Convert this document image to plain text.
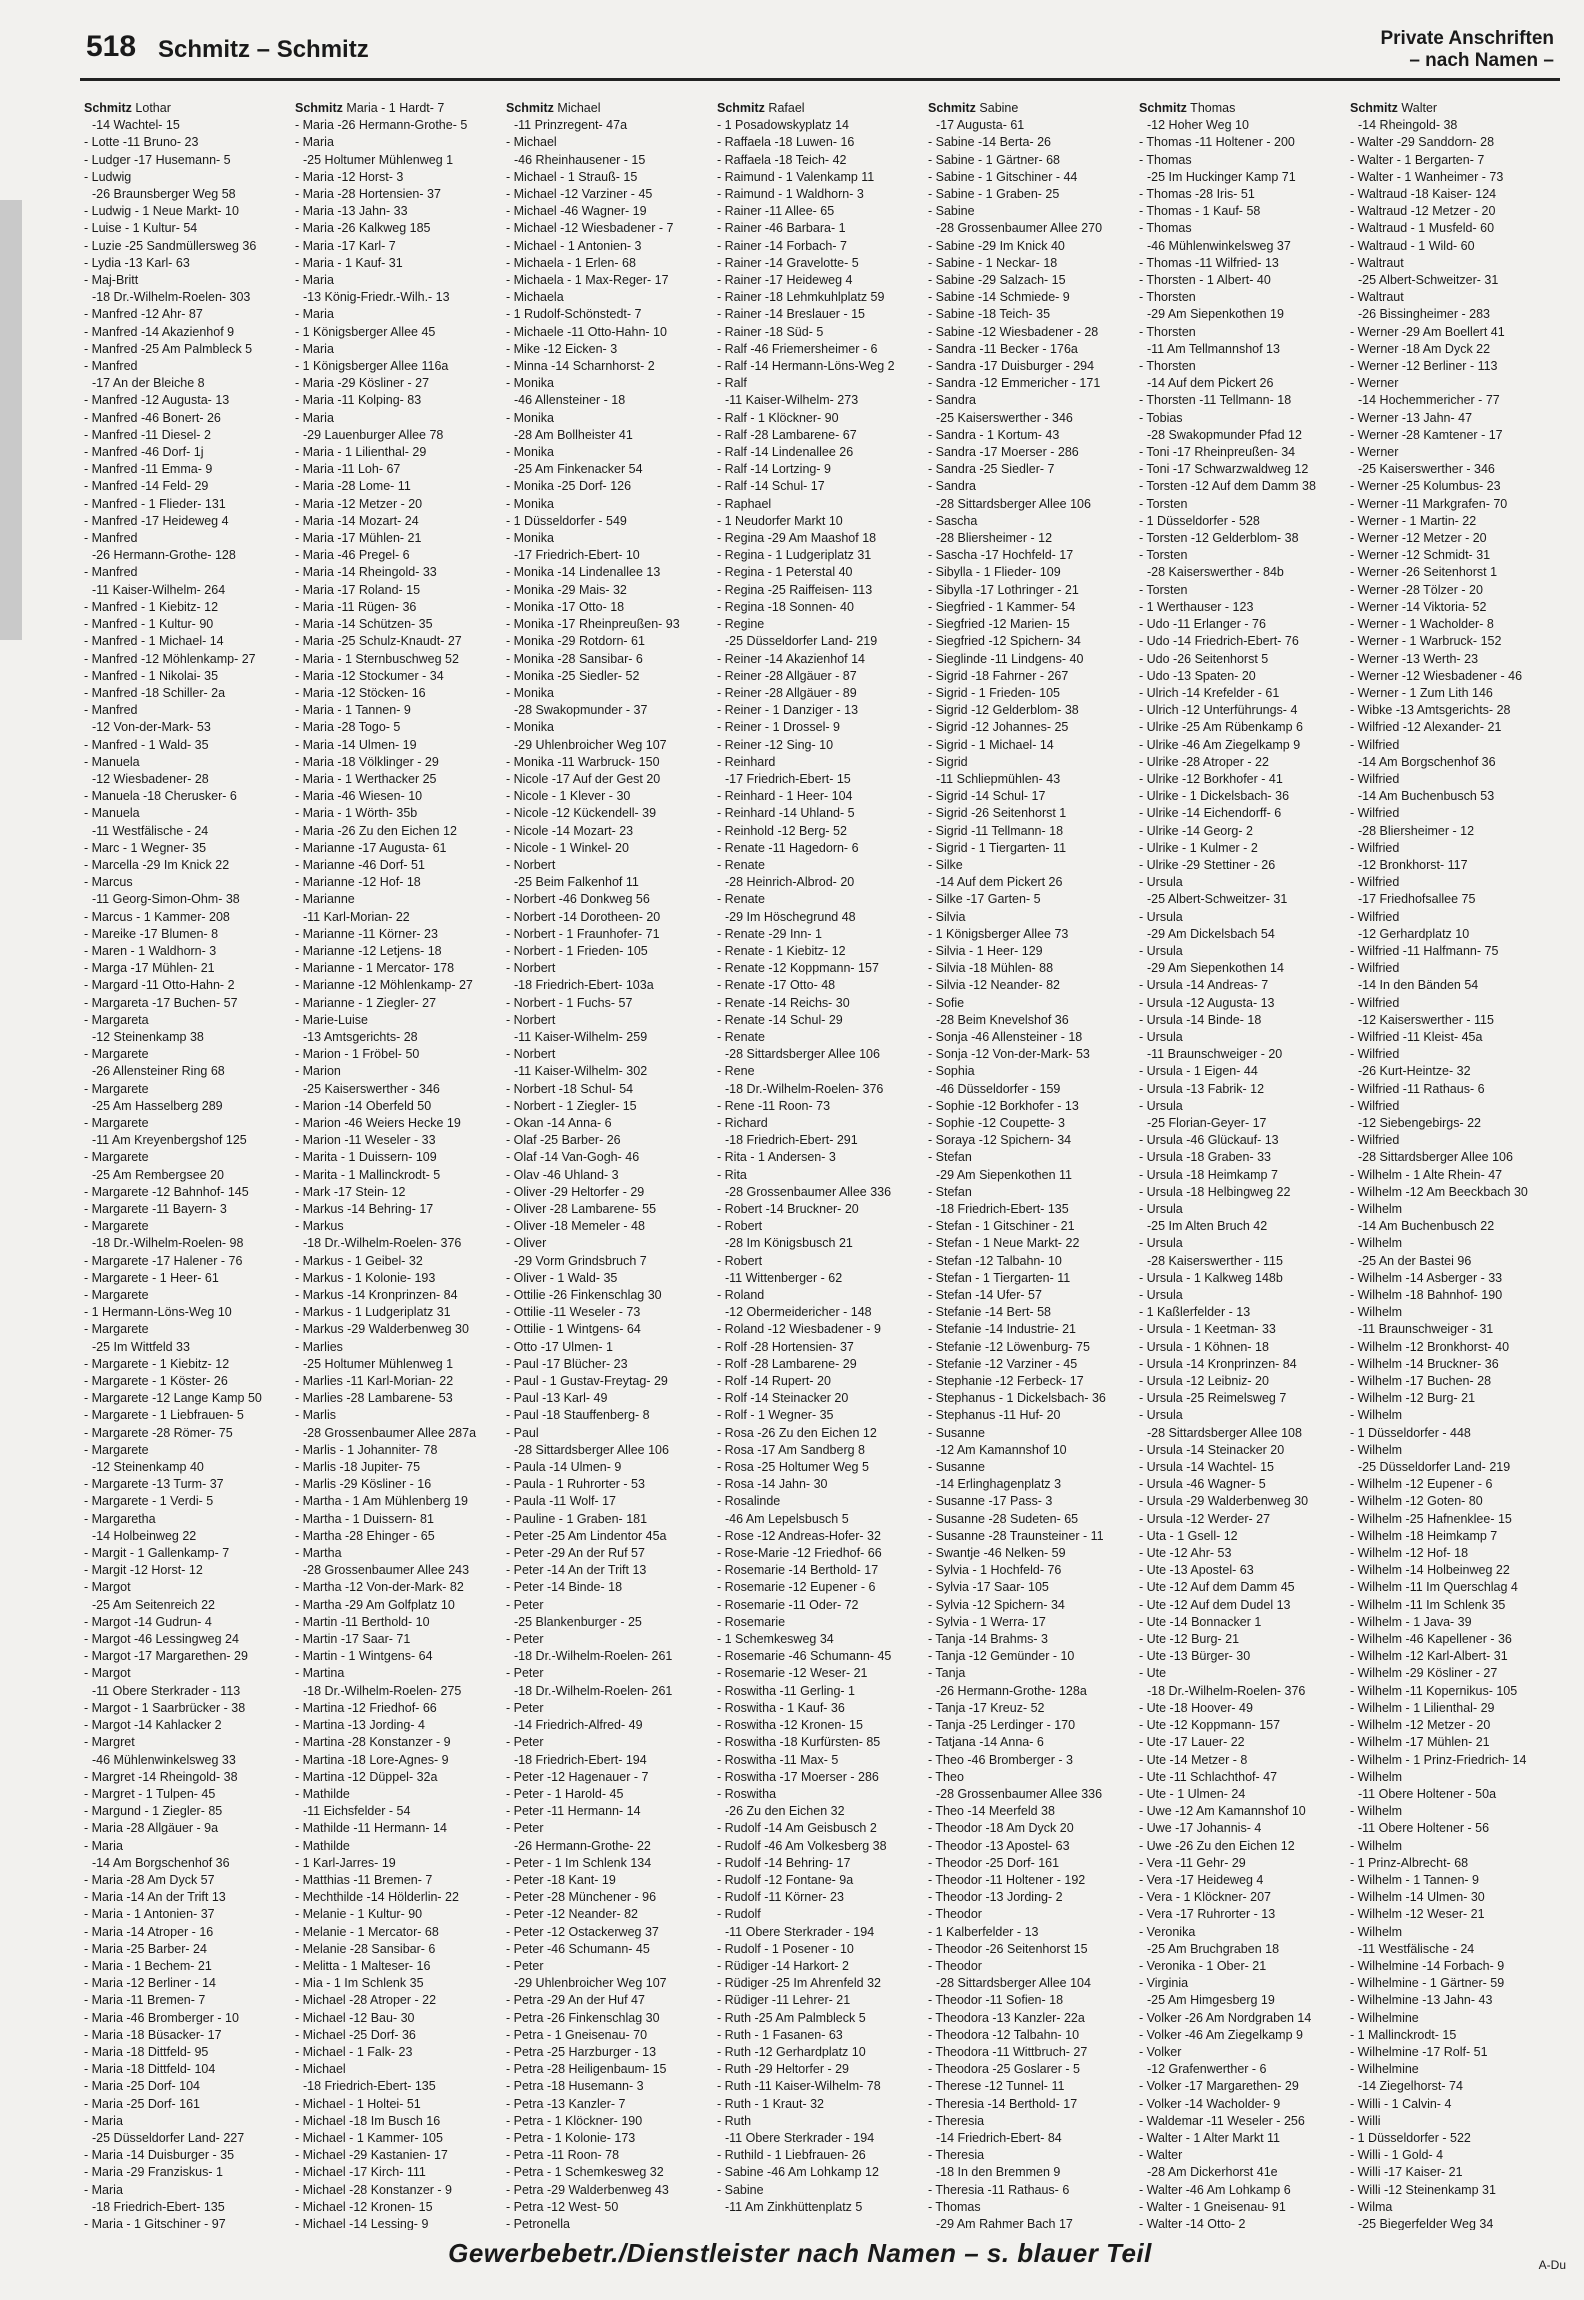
518 Schmitz – Schmitz	Private Anschriften
– nach Namen –
Schmitz Lothar
-14 Wachtel- 15
- Lotte -11 Bruno- 23
- Ludger -17 Husemann- 5
- Ludwig
-26 Braunsberger Weg 58
- Ludwig - 1 Neue Markt- 10
- Luise - 1 Kultur- 54
- Luzie -25 Sandmüllersweg 36
- Lydia -13 Karl- 63
- Maj-Britt
-18 Dr.-Wilhelm-Roelen- 303
- Manfred -12 Ahr- 87
- Manfred -14 Akazienhof 9
- Manfred -25 Am Palmbleck 5
- Manfred
-17 An der Bleiche 8
- Manfred -12 Augusta- 13
- Manfred -46 Bonert- 26
- Manfred -11 Diesel- 2
- Manfred -46 Dorf- 1j
- Manfred -11 Emma- 9
- Manfred -14 Feld- 29
- Manfred - 1 Flieder- 131
- Manfred -17 Heideweg 4
- Manfred
-26 Hermann-Grothe- 128
- Manfred
-11 Kaiser-Wilhelm- 264
- Manfred - 1 Kiebitz- 12
- Manfred - 1 Kultur- 90
- Manfred - 1 Michael- 14
- Manfred -12 Möhlenkamp- 27
- Manfred - 1 Nikolai- 35
- Manfred -18 Schiller- 2a
- Manfred
-12 Von-der-Mark- 53
- Manfred - 1 Wald- 35
- Manuela
-12 Wiesbadener- 28
- Manuela -18 Cherusker- 6
- Manuela
-11 Westfälische - 24
- Marc - 1 Wegner- 35
- Marcella -29 Im Knick 22
- Marcus
-11 Georg-Simon-Ohm- 38
- Marcus - 1 Kammer- 208
- Mareike -17 Blumen- 8
- Maren - 1 Waldhorn- 3
- Marga -17 Mühlen- 21
- Margard -11 Otto-Hahn- 2
- Margareta -17 Buchen- 57
- Margareta
-12 Steinenkamp 38
- Margarete
-26 Allensteiner Ring 68
- Margarete
-25 Am Hasselberg 289
- Margarete
-11 Am Kreyenbergshof 125
- Margarete
-25 Am Rembergsee 20
- Margarete -12 Bahnhof- 145
- Margarete -11 Bayern- 3
- Margarete
-18 Dr.-Wilhelm-Roelen- 98
- Margarete -17 Halener - 76
- Margarete - 1 Heer- 61
- Margarete
- 1 Hermann-Löns-Weg 10
- Margarete
-25 Im Wittfeld 33
- Margarete - 1 Kiebitz- 12
- Margarete - 1 Köster- 26
- Margarete -12 Lange Kamp 50
- Margarete - 1 Liebfrauen- 5
- Margarete -28 Römer- 75
- Margarete
-12 Steinenkamp 40
- Margarete -13 Turm- 37
- Margarete - 1 Verdi- 5
- Margaretha
-14 Holbeinweg 22
- Margit - 1 Gallenkamp- 7
- Margit -12 Horst- 12
- Margot
-25 Am Seitenreich 22
- Margot -14 Gudrun- 4
- Margot -46 Lessingweg 24
- Margot -17 Margarethen- 29
- Margot
-11 Obere Sterkrader - 113
- Margot - 1 Saarbrücker - 38
- Margot -14 Kahlacker 2
- Margret
-46 Mühlenwinkelsweg 33
- Margret -14 Rheingold- 38
- Margret - 1 Tulpen- 45
- Margund - 1 Ziegler- 85
- Maria -28 Allgäuer - 9a
- Maria
-14 Am Borgschenhof 36
- Maria -28 Am Dyck 57
- Maria -14 An der Trift 13
- Maria - 1 Antonien- 37
- Maria -14 Atroper - 16
- Maria -25 Barber- 24
- Maria - 1 Bechem- 21
- Maria -12 Berliner - 14
- Maria -11 Bremen- 7
- Maria -46 Bromberger - 10
- Maria -18 Büsacker- 17
- Maria -18 Dittfeld- 95
- Maria -18 Dittfeld- 104
- Maria -25 Dorf- 104
- Maria -25 Dorf- 161
- Maria
-25 Düsseldorfer Land- 227
- Maria -14 Duisburger - 35
- Maria -29 Franziskus- 1
- Maria
-18 Friedrich-Ebert- 135
- Maria - 1 Gitschiner - 97
Schmitz Maria - 1 Hardt- 7
- Maria -26 Hermann-Grothe- 5
- Maria
-25 Holtumer Mühlenweg 1
- Maria -12 Horst- 3
- Maria -28 Hortensien- 37
- Maria -13 Jahn- 33
- Maria -26 Kalkweg 185
- Maria -17 Karl- 7
- Maria - 1 Kauf- 31
- Maria
-13 König-Friedr.-Wilh.- 13
- Maria
- 1 Königsberger Allee 45
- Maria
- 1 Königsberger Allee 116a
- Maria -29 Kösliner - 27
- Maria -11 Kolping- 83
- Maria
-29 Lauenburger Allee 78
- Maria - 1 Lilienthal- 29
- Maria -11 Loh- 67
- Maria -28 Lome- 11
- Maria -12 Metzer - 20
- Maria -14 Mozart- 24
- Maria -17 Mühlen- 21
- Maria -46 Pregel- 6
- Maria -14 Rheingold- 33
- Maria -17 Roland- 15
- Maria -11 Rügen- 36
- Maria -14 Schützen- 35
- Maria -25 Schulz-Knaudt- 27
- Maria - 1 Sternbuschweg 52
- Maria -12 Stockumer - 34
- Maria -12 Stöcken- 16
- Maria - 1 Tannen- 9
- Maria -28 Togo- 5
- Maria -14 Ulmen- 19
- Maria -18 Völklinger - 29
- Maria - 1 Werthacker 25
- Maria -46 Wiesen- 10
- Maria - 1 Wörth- 35b
- Maria -26 Zu den Eichen 12
- Marianne -17 Augusta- 61
- Marianne -46 Dorf- 51
- Marianne -12 Hof- 18
- Marianne
-11 Karl-Morian- 22
- Marianne -11 Körner- 23
- Marianne -12 Letjens- 18
- Marianne - 1 Mercator- 178
- Marianne -12 Möhlenkamp- 27
- Marianne - 1 Ziegler- 27
- Marie-Luise
-13 Amtsgerichts- 28
- Marion - 1 Fröbel- 50
- Marion
-25 Kaiserswerther - 346
- Marion -14 Oberfeld 50
- Marion -46 Weiers Hecke 19
- Marion -11 Weseler - 33
- Marita - 1 Duissern- 109
- Marita - 1 Mallinckrodt- 5
- Mark -17 Stein- 12
- Markus -14 Behring- 17
- Markus
-18 Dr.-Wilhelm-Roelen- 376
- Markus - 1 Geibel- 32
- Markus - 1 Kolonie- 193
- Markus -14 Kronprinzen- 84
- Markus - 1 Ludgeriplatz 31
- Markus -29 Walderbenweg 30
- Marlies
-25 Holtumer Mühlenweg 1
- Marlies -11 Karl-Morian- 22
- Marlies -28 Lambarene- 53
- Marlis
-28 Grossenbaumer Allee 287a
- Marlis - 1 Johanniter- 78
- Marlis -18 Jupiter- 75
- Marlis -29 Kösliner - 16
- Martha - 1 Am Mühlenberg 19
- Martha - 1 Duissern- 81
- Martha -28 Ehinger - 65
- Martha
-28 Grossenbaumer Allee 243
- Martha -12 Von-der-Mark- 82
- Martha -29 Am Golfplatz 10
- Martin -11 Berthold- 10
- Martin -17 Saar- 71
- Martin - 1 Wintgens- 64
- Martina
-18 Dr.-Wilhelm-Roelen- 275
- Martina -12 Friedhof- 66
- Martina -13 Jording- 4
- Martina -28 Konstanzer - 9
- Martina -18 Lore-Agnes- 9
- Martina -12 Düppel- 32a
- Mathilde
-11 Eichsfelder - 54
- Mathilde -11 Hermann- 14
- Mathilde
- 1 Karl-Jarres- 19
- Matthias -11 Bremen- 7
- Mechthilde -14 Hölderlin- 22
- Melanie - 1 Kultur- 90
- Melanie - 1 Mercator- 68
- Melanie -28 Sansibar- 6
- Melitta - 1 Malteser- 16
- Mia - 1 Im Schlenk 35
- Michael -28 Atroper - 22
- Michael -12 Bau- 30
- Michael -25 Dorf- 36
- Michael - 1 Falk- 23
- Michael
-18 Friedrich-Ebert- 135
- Michael - 1 Holtei- 51
- Michael -18 Im Busch 16
- Michael - 1 Kammer- 105
- Michael -29 Kastanien- 17
- Michael -17 Kirch- 111
- Michael -28 Konstanzer - 9
- Michael -12 Kronen- 15
- Michael -14 Lessing- 9
Schmitz Michael
-11 Prinzregent- 47a
- Michael
-46 Rheinhausener - 15
- Michael - 1 Strauß- 15
- Michael -12 Varziner - 45
- Michael -46 Wagner- 19
- Michael -12 Wiesbadener - 7
- Michael - 1 Antonien- 3
- Michaela - 1 Erlen- 68
- Michaela - 1 Max-Reger- 17
- Michaela
- 1 Rudolf-Schönstedt- 7
- Michaele -11 Otto-Hahn- 10
- Mike -12 Eicken- 3
- Minna -14 Scharnhorst- 2
- Monika
-46 Allensteiner - 18
- Monika
-28 Am Bollheister 41
- Monika
-25 Am Finkenacker 54
- Monika -25 Dorf- 126
- Monika
- 1 Düsseldorfer - 549
- Monika
-17 Friedrich-Ebert- 10
- Monika -14 Lindenallee 13
- Monika -29 Mais- 32
- Monika -17 Otto- 18
- Monika -17 Rheinpreußen- 93
- Monika -29 Rotdorn- 61
- Monika -28 Sansibar- 6
- Monika -25 Siedler- 52
- Monika
-28 Swakopmunder - 37
- Monika
-29 Uhlenbroicher Weg 107
- Monika -11 Warbruck- 150
- Nicole -17 Auf der Gest 20
- Nicole - 1 Klever - 30
- Nicole -12 Kückendell- 39
- Nicole -14 Mozart- 23
- Nicole - 1 Winkel- 20
- Norbert
-25 Beim Falkenhof 11
- Norbert -46 Donkweg 56
- Norbert -14 Dorotheen- 20
- Norbert - 1 Fraunhofer- 71
- Norbert - 1 Frieden- 105
- Norbert
-18 Friedrich-Ebert- 103a
- Norbert - 1 Fuchs- 57
- Norbert
-11 Kaiser-Wilhelm- 259
- Norbert
-11 Kaiser-Wilhelm- 302
- Norbert -18 Schul- 54
- Norbert - 1 Ziegler- 15
- Okan -14 Anna- 6
- Olaf -25 Barber- 26
- Olaf -14 Van-Gogh- 46
- Olav -46 Uhland- 3
- Oliver -29 Heltorfer - 29
- Oliver -28 Lambarene- 55
- Oliver -18 Memeler - 48
- Oliver
-29 Vorm Grindsbruch 7
- Oliver - 1 Wald- 35
- Ottilie -26 Finkenschlag 30
- Ottilie -11 Weseler - 73
- Ottilie - 1 Wintgens- 64
- Otto -17 Ulmen- 1
- Paul -17 Blücher- 23
- Paul - 1 Gustav-Freytag- 29
- Paul -13 Karl- 49
- Paul -18 Stauffenberg- 8
- Paul
-28 Sittardsberger Allee 106
- Paula -14 Ulmen- 9
- Paula - 1 Ruhrorter - 53
- Paula -11 Wolf- 17
- Pauline - 1 Graben- 181
- Peter -25 Am Lindentor 45a
- Peter -29 An der Ruf 57
- Peter -14 An der Trift 13
- Peter -14 Binde- 18
- Peter
-25 Blankenburger - 25
- Peter
-18 Dr.-Wilhelm-Roelen- 261
- Peter
-18 Dr.-Wilhelm-Roelen- 261
- Peter
-14 Friedrich-Alfred- 49
- Peter
-18 Friedrich-Ebert- 194
- Peter -12 Hagenauer - 7
- Peter - 1 Harold- 45
- Peter -11 Hermann- 14
- Peter
-26 Hermann-Grothe- 22
- Peter - 1 Im Schlenk 134
- Peter -18 Kant- 19
- Peter -28 Münchener - 96
- Peter -12 Neander- 82
- Peter -12 Ostackerweg 37
- Peter -46 Schumann- 45
- Peter
-29 Uhlenbroicher Weg 107
- Petra -29 An der Huf 47
- Petra -26 Finkenschlag 30
- Petra - 1 Gneisenau- 70
- Petra -25 Harzburger - 13
- Petra -28 Heiligenbaum- 15
- Petra -18 Husemann- 3
- Petra -13 Kanzler- 7
- Petra - 1 Klöckner- 190
- Petra - 1 Kolonie- 173
- Petra -11 Roon- 78
- Petra - 1 Schemkesweg 32
- Petra -29 Walderbenweg 43
- Petra -12 West- 50
- Petronella
Schmitz Rafael
- 1 Posadowskyplatz 14
- Raffaela -18 Luwen- 16
- Raffaela -18 Teich- 42
- Raimund - 1 Valenkamp 11
- Raimund - 1 Waldhorn- 3
- Rainer -11 Allee- 65
- Rainer -46 Barbara- 1
- Rainer -14 Forbach- 7
- Rainer -14 Gravelotte- 5
- Rainer -17 Heideweg 4
- Rainer -18 Lehmkuhlplatz 59
- Rainer -14 Breslauer - 15
- Rainer -18 Süd- 5
- Ralf -46 Friemersheimer - 6
- Ralf -14 Hermann-Löns-Weg 2
- Ralf
-11 Kaiser-Wilhelm- 273
- Ralf - 1 Klöckner- 90
- Ralf -28 Lambarene- 67
- Ralf -14 Lindenallee 26
- Ralf -14 Lortzing- 9
- Ralf -14 Schul- 17
- Raphael
- 1 Neudorfer Markt 10
- Regina -29 Am Maashof 18
- Regina - 1 Ludgeriplatz 31
- Regina - 1 Peterstal 40
- Regina -25 Raiffeisen- 113
- Regina -18 Sonnen- 40
- Regine
-25 Düsseldorfer Land- 219
- Reiner -14 Akazienhof 14
- Reiner -28 Allgäuer - 87
- Reiner -28 Allgäuer - 89
- Reiner - 1 Danziger - 13
- Reiner - 1 Drossel- 9
- Reiner -12 Sing- 10
- Reinhard
-17 Friedrich-Ebert- 15
- Reinhard - 1 Heer- 104
- Reinhard -14 Uhland- 5
- Reinhold -12 Berg- 52
- Renate -11 Hagedorn- 6
- Renate
-28 Heinrich-Albrod- 20
- Renate
-29 Im Höschegrund 48
- Renate -29 Inn- 1
- Renate - 1 Kiebitz- 12
- Renate -12 Koppmann- 157
- Renate -17 Otto- 48
- Renate -14 Reichs- 30
- Renate -14 Schul- 29
- Renate
-28 Sittardsberger Allee 106
- Rene
-18 Dr.-Wilhelm-Roelen- 376
- Rene -11 Roon- 73
- Richard
-18 Friedrich-Ebert- 291
- Rita - 1 Andersen- 3
- Rita
-28 Grossenbaumer Allee 336
- Robert -14 Bruckner- 20
- Robert
-28 Im Königsbusch 21
- Robert
-11 Wittenberger - 62
- Roland
-12 Obermeidericher - 148
- Roland -12 Wiesbadener - 9
- Rolf -28 Hortensien- 37
- Rolf -28 Lambarene- 29
- Rolf -14 Rupert- 20
- Rolf -14 Steinacker 20
- Rolf - 1 Wegner- 35
- Rosa -26 Zu den Eichen 12
- Rosa -17 Am Sandberg 8
- Rosa -25 Holtumer Weg 5
- Rosa -14 Jahn- 30
- Rosalinde
-46 Am Lepelsbusch 5
- Rose -12 Andreas-Hofer- 32
- Rose-Marie -12 Friedhof- 66
- Rosemarie -14 Berthold- 17
- Rosemarie -12 Eupener - 6
- Rosemarie -11 Oder- 72
- Rosemarie
- 1 Schemkesweg 34
- Rosemarie -46 Schumann- 45
- Rosemarie -12 Weser- 21
- Roswitha -11 Gerling- 1
- Roswitha - 1 Kauf- 36
- Roswitha -12 Kronen- 15
- Roswitha -18 Kurfürsten- 85
- Roswitha -11 Max- 5
- Roswitha -17 Moerser - 286
- Roswitha
-26 Zu den Eichen 32
- Rudolf -14 Am Geisbusch 2
- Rudolf -46 Am Volkesberg 38
- Rudolf -14 Behring- 17
- Rudolf -12 Fontane- 9a
- Rudolf -11 Körner- 23
- Rudolf
-11 Obere Sterkrader - 194
- Rudolf - 1 Posener - 10
- Rüdiger -14 Harkort- 2
- Rüdiger -25 Im Ahrenfeld 32
- Rüdiger -11 Lehrer- 21
- Ruth -25 Am Palmbleck 5
- Ruth - 1 Fasanen- 63
- Ruth -12 Gerhardplatz 10
- Ruth -29 Heltorfer - 29
- Ruth -11 Kaiser-Wilhelm- 78
- Ruth - 1 Kraut- 32
- Ruth
-11 Obere Sterkrader - 194
- Ruthild - 1 Liebfrauen- 26
- Sabine -46 Am Lohkamp 12
- Sabine
-11 Am Zinkhüttenplatz 5
Schmitz Sabine
-17 Augusta- 61
- Sabine -14 Berta- 26
- Sabine - 1 Gärtner- 68
- Sabine - 1 Gitschiner - 44
- Sabine - 1 Graben- 25
- Sabine
-28 Grossenbaumer Allee 270
- Sabine -29 Im Knick 40
- Sabine - 1 Neckar- 18
- Sabine -29 Salzach- 15
- Sabine -14 Schmiede- 9
- Sabine -18 Teich- 35
- Sabine -12 Wiesbadener - 28
- Sandra -11 Becker - 176a
- Sandra -17 Duisburger - 294
- Sandra -12 Emmericher - 171
- Sandra
-25 Kaiserswerther - 346
- Sandra - 1 Kortum- 43
- Sandra -17 Moerser - 286
- Sandra -25 Siedler- 7
- Sandra
-28 Sittardsberger Allee 106
- Sascha
-28 Bliersheimer - 12
- Sascha -17 Hochfeld- 17
- Sibylla - 1 Flieder- 109
- Sibylla -17 Lothringer - 21
- Siegfried - 1 Kammer- 54
- Siegfried -12 Marien- 15
- Siegfried -12 Spichern- 34
- Sieglinde -11 Lindgens- 40
- Sigrid -18 Fahrner - 267
- Sigrid - 1 Frieden- 105
- Sigrid -12 Gelderblom- 38
- Sigrid -12 Johannes- 25
- Sigrid - 1 Michael- 14
- Sigrid
-11 Schliepmühlen- 43
- Sigrid -14 Schul- 17
- Sigrid -26 Seitenhorst 1
- Sigrid -11 Tellmann- 18
- Sigrid - 1 Tiergarten- 11
- Silke
-14 Auf dem Pickert 26
- Silke -17 Garten- 5
- Silvia
- 1 Königsberger Allee 73
- Silvia - 1 Heer- 129
- Silvia -18 Mühlen- 88
- Silvia -12 Neander- 82
- Sofie
-28 Beim Knevelshof 36
- Sonja -46 Allensteiner - 18
- Sonja -12 Von-der-Mark- 53
- Sophia
-46 Düsseldorfer - 159
- Sophie -12 Borkhofer - 13
- Sophie -12 Coupette- 3
- Soraya -12 Spichern- 34
- Stefan
-29 Am Siepenkothen 11
- Stefan
-18 Friedrich-Ebert- 135
- Stefan - 1 Gitschiner - 21
- Stefan - 1 Neue Markt- 22
- Stefan -12 Talbahn- 10
- Stefan - 1 Tiergarten- 11
- Stefan -14 Ufer- 57
- Stefanie -14 Bert- 58
- Stefanie -14 Industrie- 21
- Stefanie -12 Löwenburg- 75
- Stefanie -12 Varziner - 45
- Stephanie -12 Ferbeck- 17
- Stephanus - 1 Dickelsbach- 36
- Stephanus -11 Huf- 20
- Susanne
-12 Am Kamannshof 10
- Susanne
-14 Erlinghagenplatz 3
- Susanne -17 Pass- 3
- Susanne -28 Sudeten- 65
- Susanne -28 Traunsteiner - 11
- Swantje -46 Nelken- 59
- Sylvia - 1 Hochfeld- 76
- Sylvia -17 Saar- 105
- Sylvia -12 Spichern- 34
- Sylvia - 1 Werra- 17
- Tanja -14 Brahms- 3
- Tanja -12 Gemünder - 10
- Tanja
-26 Hermann-Grothe- 128a
- Tanja -17 Kreuz- 52
- Tanja -25 Lerdinger - 170
- Tatjana -14 Anna- 6
- Theo -46 Bromberger - 3
- Theo
-28 Grossenbaumer Allee 336
- Theo -14 Meerfeld 38
- Theodor -18 Am Dyck 20
- Theodor -13 Apostel- 63
- Theodor -25 Dorf- 161
- Theodor -11 Holtener - 192
- Theodor -13 Jording- 2
- Theodor
- 1 Kalberfelder - 13
- Theodor -26 Seitenhorst 15
- Theodor
-28 Sittardsberger Allee 104
- Theodor -11 Sofien- 18
- Theodora -13 Kanzler- 22a
- Theodora -12 Talbahn- 10
- Theodora -11 Wittbruch- 27
- Theodora -25 Goslarer - 5
- Therese -12 Tunnel- 11
- Theresia -14 Berthold- 17
- Theresia
-14 Friedrich-Ebert- 84
- Theresia
-18 In den Bremmen 9
- Theresia -11 Rathaus- 6
- Thomas
-29 Am Rahmer Bach 17
Schmitz Thomas
-12 Hoher Weg 10
- Thomas -11 Holtener - 200
- Thomas
-25 Im Huckinger Kamp 71
- Thomas -28 Iris- 51
- Thomas - 1 Kauf- 58
- Thomas
-46 Mühlenwinkelsweg 37
- Thomas -11 Wilfried- 13
- Thorsten - 1 Albert- 40
- Thorsten
-29 Am Siepenkothen 19
- Thorsten
-11 Am Tellmannshof 13
- Thorsten
-14 Auf dem Pickert 26
- Thorsten -11 Tellmann- 18
- Tobias
-28 Swakopmunder Pfad 12
- Toni -17 Rheinpreußen- 34
- Toni -17 Schwarzwaldweg 12
- Torsten -12 Auf dem Damm 38
- Torsten
- 1 Düsseldorfer - 528
- Torsten -12 Gelderblom- 38
- Torsten
-28 Kaiserswerther - 84b
- Torsten
- 1 Werthauser - 123
- Udo -11 Erlanger - 76
- Udo -14 Friedrich-Ebert- 76
- Udo -26 Seitenhorst 5
- Udo -13 Spaten- 20
- Ulrich -14 Krefelder - 61
- Ulrich -12 Unterführungs- 4
- Ulrike -25 Am Rübenkamp 6
- Ulrike -46 Am Ziegelkamp 9
- Ulrike -28 Atroper - 22
- Ulrike -12 Borkhofer - 41
- Ulrike - 1 Dickelsbach- 36
- Ulrike -14 Eichendorff- 6
- Ulrike -14 Georg- 2
- Ulrike - 1 Kulmer - 2
- Ulrike -29 Stettiner - 26
- Ursula
-25 Albert-Schweitzer- 31
- Ursula
-29 Am Dickelsbach 54
- Ursula
-29 Am Siepenkothen 14
- Ursula -14 Andreas- 7
- Ursula -12 Augusta- 13
- Ursula -14 Binde- 18
- Ursula
-11 Braunschweiger - 20
- Ursula - 1 Eigen- 44
- Ursula -13 Fabrik- 12
- Ursula
-25 Florian-Geyer- 17
- Ursula -46 Glückauf- 13
- Ursula -18 Graben- 33
- Ursula -18 Heimkamp 7
- Ursula -18 Helbingweg 22
- Ursula
-25 Im Alten Bruch 42
- Ursula
-28 Kaiserswerther - 115
- Ursula - 1 Kalkweg 148b
- Ursula
- 1 Kaßlerfelder - 13
- Ursula - 1 Keetman- 33
- Ursula - 1 Köhnen- 18
- Ursula -14 Kronprinzen- 84
- Ursula -12 Leibniz- 20
- Ursula -25 Reimelsweg 7
- Ursula
-28 Sittardsberger Allee 108
- Ursula -14 Steinacker 20
- Ursula -14 Wachtel- 15
- Ursula -46 Wagner- 5
- Ursula -29 Walderbenweg 30
- Ursula -12 Werder- 27
- Uta - 1 Gsell- 12
- Ute -12 Ahr- 53
- Ute -13 Apostel- 63
- Ute -12 Auf dem Damm 45
- Ute -12 Auf dem Dudel 13
- Ute -14 Bonnacker 1
- Ute -12 Burg- 21
- Ute -13 Bürger- 30
- Ute
-18 Dr.-Wilhelm-Roelen- 376
- Ute -18 Hoover- 49
- Ute -12 Koppmann- 157
- Ute -17 Lauer- 22
- Ute -14 Metzer - 8
- Ute -11 Schlachthof- 47
- Ute - 1 Ulmen- 24
- Uwe -12 Am Kamannshof 10
- Uwe -17 Johannis- 4
- Uwe -26 Zu den Eichen 12
- Vera -11 Gehr- 29
- Vera -17 Heideweg 4
- Vera - 1 Klöckner- 207
- Vera -17 Ruhrorter - 13
- Veronika
-25 Am Bruchgraben 18
- Veronika - 1 Ober- 21
- Virginia
-25 Am Himgesberg 19
- Volker -26 Am Nordgraben 14
- Volker -46 Am Ziegelkamp 9
- Volker
-12 Grafenwerther - 6
- Volker -17 Margarethen- 29
- Volker -14 Wacholder- 9
- Waldemar -11 Weseler - 256
- Walter - 1 Alter Markt 11
- Walter
-28 Am Dickerhorst 41e
- Walter -46 Am Lohkamp 6
- Walter - 1 Gneisenau- 91
- Walter -14 Otto- 2
Schmitz Walter
-14 Rheingold- 38
- Walter -29 Sanddorn- 28
- Walter - 1 Bergarten- 7
- Walter - 1 Wanheimer - 73
- Waltraud -18 Kaiser- 124
- Waltraud -12 Metzer - 20
- Waltraud - 1 Musfeld- 60
- Waltraud - 1 Wild- 60
- Waltraut
-25 Albert-Schweitzer- 31
- Waltraut
-26 Bissingheimer - 283
- Werner -29 Am Boellert 41
- Werner -18 Am Dyck 22
- Werner -12 Berliner - 113
- Werner
-14 Hochemmericher - 77
- Werner -13 Jahn- 47
- Werner -28 Kamtener - 17
- Werner
-25 Kaiserswerther - 346
- Werner -25 Kolumbus- 23
- Werner -11 Markgrafen- 70
- Werner - 1 Martin- 22
- Werner -12 Metzer - 20
- Werner -12 Schmidt- 31
- Werner -26 Seitenhorst 1
- Werner -28 Tölzer - 20
- Werner -14 Viktoria- 52
- Werner - 1 Wacholder- 8
- Werner - 1 Warbruck- 152
- Werner -13 Werth- 23
- Werner -12 Wiesbadener - 46
- Werner - 1 Zum Lith 146
- Wibke -13 Amtsgerichts- 28
- Wilfried -12 Alexander- 21
- Wilfried
-14 Am Borgschenhof 36
- Wilfried
-14 Am Buchenbusch 53
- Wilfried
-28 Bliersheimer - 12
- Wilfried
-12 Bronkhorst- 117
- Wilfried
-17 Friedhofsallee 75
- Wilfried
-12 Gerhardplatz 10
- Wilfried -11 Halfmann- 75
- Wilfried
-14 In den Bänden 54
- Wilfried
-12 Kaiserswerther - 115
- Wilfried -11 Kleist- 45a
- Wilfried
-26 Kurt-Heintze- 32
- Wilfried -11 Rathaus- 6
- Wilfried
-12 Siebengebirgs- 22
- Wilfried
-28 Sittardsberger Allee 106
- Wilhelm - 1 Alte Rhein- 47
- Wilhelm -12 Am Beeckbach 30
- Wilhelm
-14 Am Buchenbusch 22
- Wilhelm
-25 An der Bastei 96
- Wilhelm -14 Asberger - 33
- Wilhelm -18 Bahnhof- 190
- Wilhelm
-11 Braunschweiger - 31
- Wilhelm -12 Bronkhorst- 40
- Wilhelm -14 Bruckner- 36
- Wilhelm -17 Buchen- 28
- Wilhelm -12 Burg- 21
- Wilhelm
- 1 Düsseldorfer - 448
- Wilhelm
-25 Düsseldorfer Land- 219
- Wilhelm -12 Eupener - 6
- Wilhelm -12 Goten- 80
- Wilhelm -25 Hafnenklee- 15
- Wilhelm -18 Heimkamp 7
- Wilhelm -12 Hof- 18
- Wilhelm -14 Holbeinweg 22
- Wilhelm -11 Im Querschlag 4
- Wilhelm -11 Im Schlenk 35
- Wilhelm - 1 Java- 39
- Wilhelm -46 Kapellener - 36
- Wilhelm -12 Karl-Albert- 31
- Wilhelm -29 Kösliner - 27
- Wilhelm -11 Kopernikus- 105
- Wilhelm - 1 Lilienthal- 29
- Wilhelm -12 Metzer - 20
- Wilhelm -17 Mühlen- 21
- Wilhelm - 1 Prinz-Friedrich- 14
- Wilhelm
-11 Obere Holtener - 50a
- Wilhelm
-11 Obere Holtener - 56
- Wilhelm
- 1 Prinz-Albrecht- 68
- Wilhelm - 1 Tannen- 9
- Wilhelm -14 Ulmen- 30
- Wilhelm -12 Weser- 21
- Wilhelm
-11 Westfälische - 24
- Wilhelmine -14 Forbach- 9
- Wilhelmine - 1 Gärtner- 59
- Wilhelmine -13 Jahn- 43
- Wilhelmine
- 1 Mallinckrodt- 15
- Wilhelmine -17 Rolf- 51
- Wilhelmine
-14 Ziegelhorst- 74
- Willi - 1 Calvin- 4
- Willi
- 1 Düsseldorfer - 522
- Willi - 1 Gold- 4
- Willi -17 Kaiser- 21
- Willi -12 Steinenkamp 31
- Wilma
-25 Biegerfelder Weg 34
Gewerbebetr./Dienstleister nach Namen – s. blauer Teil	A-Du
